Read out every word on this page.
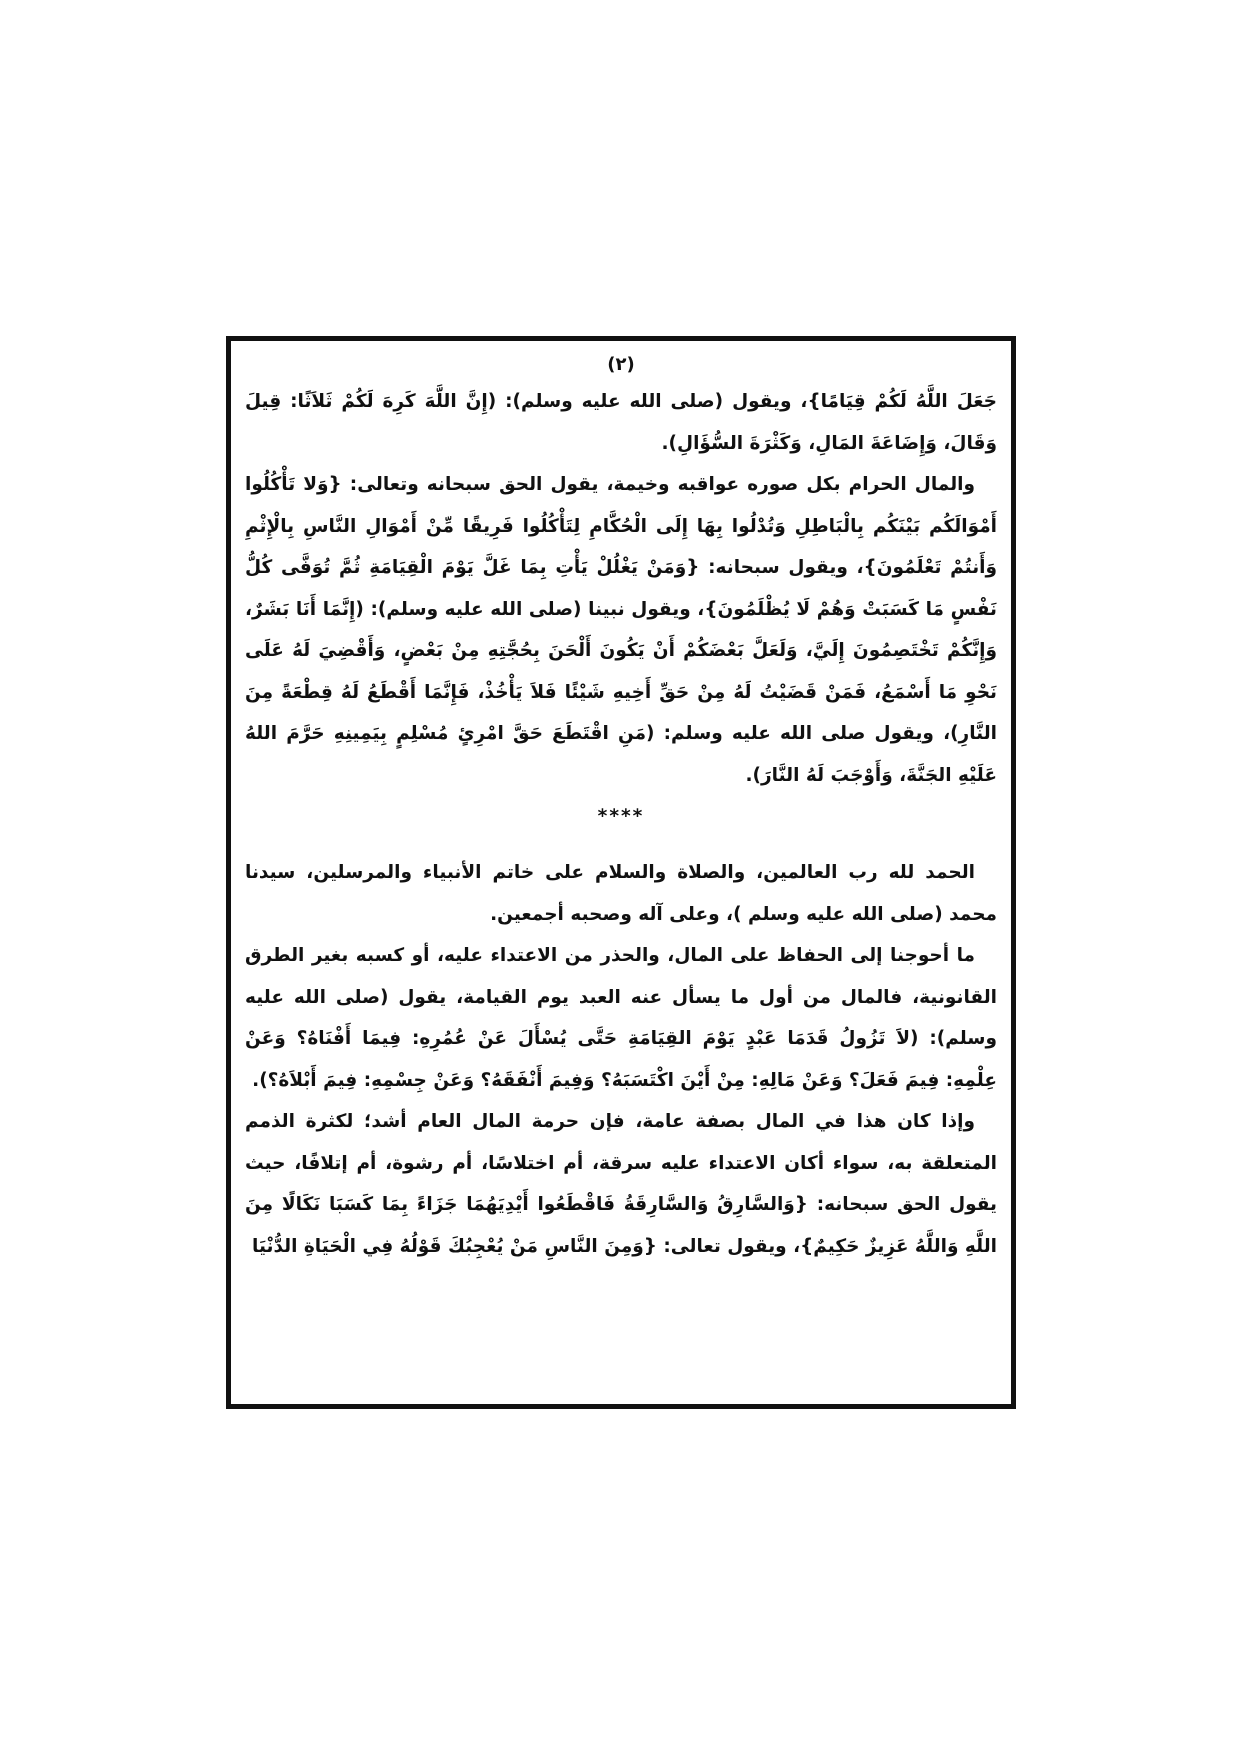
(٢)

جَعَلَ اللَّهُ لَكُمْ قِيَامًا}، ويقول (صلى الله عليه وسلم): (إِنَّ اللَّهَ كَرِهَ لَكُمْ ثَلاَثًا: قِيلَ وَقَالَ، وَإِضَاعَةَ المَالِ، وَكَثْرَةَ السُّؤَالِ).

والمال الحرام بكل صوره عواقبه وخيمة، يقول الحق سبحانه وتعالى: {وَلا تَأْكُلُوا أَمْوَالَكُم بَيْنَكُم بِالْبَاطِلِ وَتُدْلُوا بِهَا إِلَى الْحُكَّامِ لِتَأْكُلُوا فَرِيقًا مِّنْ أَمْوَالِ النَّاسِ بِالْإِثْمِ وَأَنتُمْ تَعْلَمُونَ}، ويقول سبحانه: {وَمَنْ يَغْلُلْ يَأْتِ بِمَا غَلَّ يَوْمَ الْقِيَامَةِ ثُمَّ تُوَفَّى كُلُّ نَفْسٍ مَا كَسَبَتْ وَهُمْ لَا يُظْلَمُونَ}، ويقول نبينا (صلى الله عليه وسلم): (إِنَّمَا أَنَا بَشَرٌ، وَإِنَّكُمْ تَخْتَصِمُونَ إِلَيَّ، وَلَعَلَّ بَعْضَكُمْ أَنْ يَكُونَ أَلْحَنَ بِحُجَّتِهِ مِنْ بَعْضٍ، وَأَقْضِيَ لَهُ عَلَى نَحْوِ مَا أَسْمَعُ، فَمَنْ قَضَيْتُ لَهُ مِنْ حَقِّ أَخِيهِ شَيْئًا فَلاَ يَأْخُذْ، فَإِنَّمَا أَقْطَعُ لَهُ قِطْعَةً مِنَ النَّارِ)، ويقول صلى الله عليه وسلم: (مَنِ اقْتَطَعَ حَقَّ امْرِئٍ مُسْلِمٍ بِيَمِينِهِ حَرَّمَ اللهُ عَلَيْهِ الجَنَّةَ، وَأَوْجَبَ لَهُ النَّارَ).

****

الحمد لله رب العالمين، والصلاة والسلام على خاتم الأنبياء والمرسلين، سيدنا محمد (صلى الله عليه وسلم )، وعلى آله وصحبه أجمعين.

ما أحوجنا إلى الحفاظ على المال، والحذر من الاعتداء عليه، أو كسبه بغير الطرق القانونية، فالمال من أول ما يسأل عنه العبد يوم القيامة، يقول (صلى الله عليه وسلم): (لاَ تَزُولُ قَدَمَا عَبْدٍ يَوْمَ القِيَامَةِ حَتَّى يُسْأَلَ عَنْ عُمُرِهِ: فِيمَا أَفْنَاهُ؟ وَعَنْ عِلْمِهِ: فِيمَ فَعَلَ؟ وَعَنْ مَالِهِ: مِنْ أَيْنَ اكْتَسَبَهُ؟ وَفِيمَ أَنْفَقَهُ؟ وَعَنْ جِسْمِهِ: فِيمَ أَبْلاَهُ؟).

وإذا كان هذا في المال بصفة عامة، فإن حرمة المال العام أشد؛ لكثرة الذمم المتعلقة به، سواء أكان الاعتداء عليه سرقة، أم اختلاسًا، أم رشوة، أم إتلافًا، حيث يقول الحق سبحانه: {وَالسَّارِقُ وَالسَّارِقَةُ فَاقْطَعُوا أَيْدِيَهُمَا جَزَاءً بِمَا كَسَبَا نَكَالًا مِنَ اللَّهِ وَاللَّهُ عَزِيزٌ حَكِيمٌ}، ويقول تعالى: {وَمِنَ النَّاسِ مَنْ يُعْجِبُكَ قَوْلُهُ فِي الْحَيَاةِ الدُّنْيَا
